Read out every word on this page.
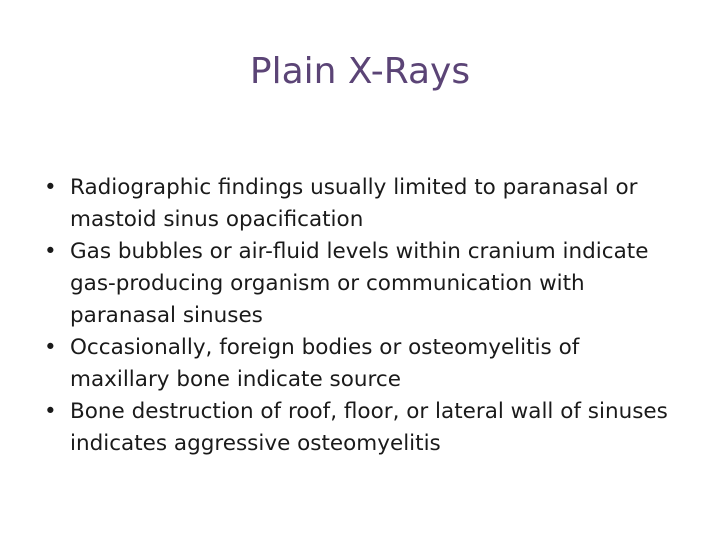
Plain X-Rays
• Radiographic findings usually limited to paranasal or mastoid sinus opacification
• Gas bubbles or air-fluid levels within cranium indicate gas-producing organism or communication with paranasal sinuses
• Occasionally, foreign bodies or osteomyelitis of maxillary bone indicate source
• Bone destruction of roof, floor, or lateral wall of sinuses indicates aggressive osteomyelitis
